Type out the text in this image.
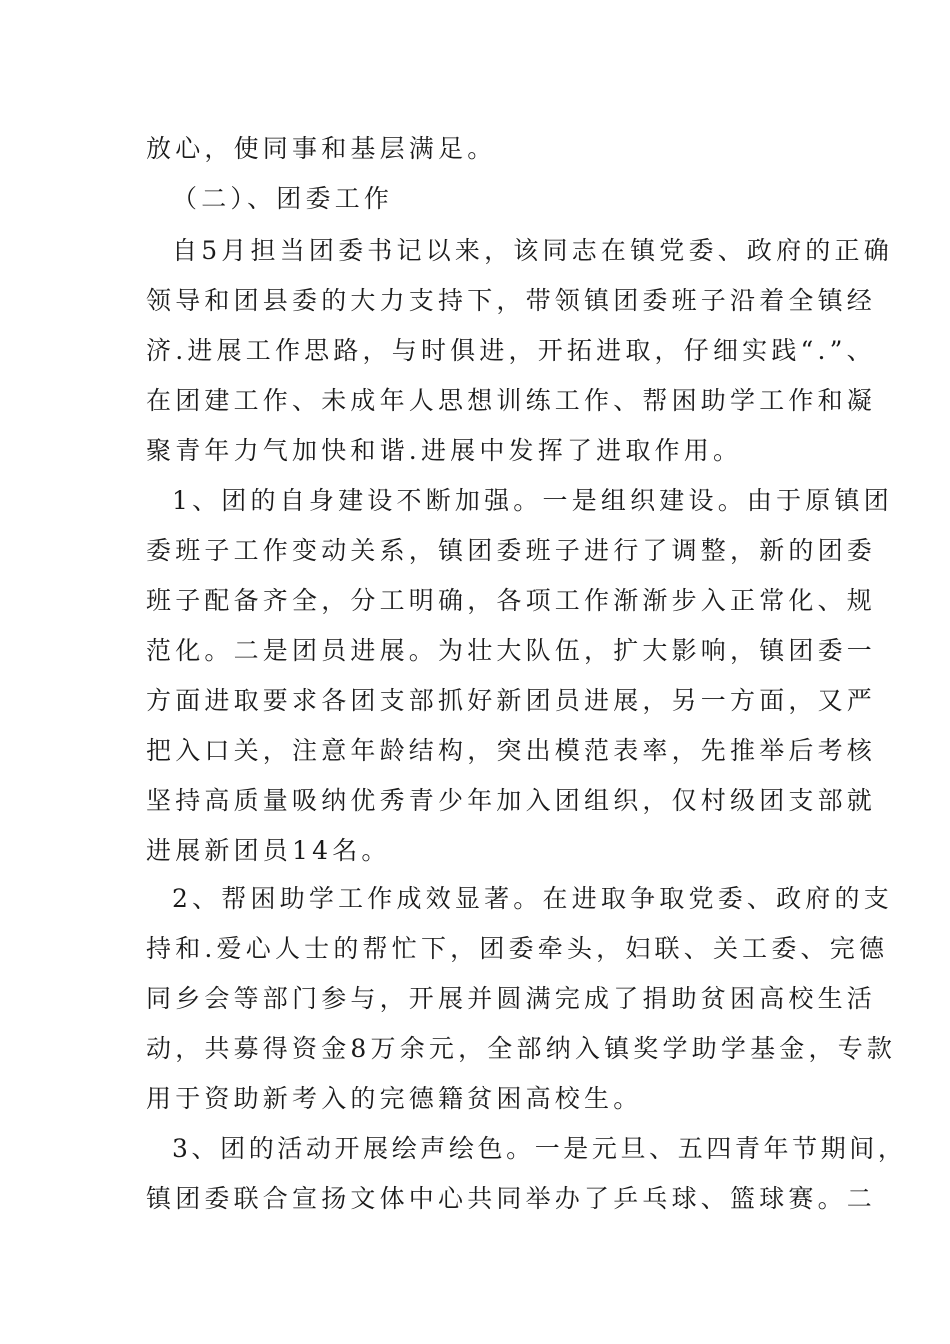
放心，使同事和基层满足。
（二）、团委工作
自5月担当团委书记以来，该同志在镇党委、政府的正确
领导和团县委的大力支持下，带领镇团委班子沿着全镇经
济.进展工作思路，与时俱进，开拓进取，仔细实践“.”、
在团建工作、未成年人思想训练工作、帮困助学工作和凝
聚青年力气加快和谐.进展中发挥了进取作用。
1、团的自身建设不断加强。一是组织建设。由于原镇团
委班子工作变动关系，镇团委班子进行了调整，新的团委
班子配备齐全，分工明确，各项工作渐渐步入正常化、规
范化。二是团员进展。为壮大队伍，扩大影响，镇团委一
方面进取要求各团支部抓好新团员进展，另一方面，又严
把入口关，注意年龄结构，突出模范表率，先推举后考核
坚持高质量吸纳优秀青少年加入团组织，仅村级团支部就
进展新团员14名。
2、帮困助学工作成效显著。在进取争取党委、政府的支
持和.爱心人士的帮忙下，团委牵头，妇联、关工委、完德
同乡会等部门参与，开展并圆满完成了捐助贫困高校生活
动，共募得资金8万余元，全部纳入镇奖学助学基金，专款
用于资助新考入的完德籍贫困高校生。
3、团的活动开展绘声绘色。一是元旦、五四青年节期间，
镇团委联合宣扬文体中心共同举办了乒乓球、篮球赛。二
